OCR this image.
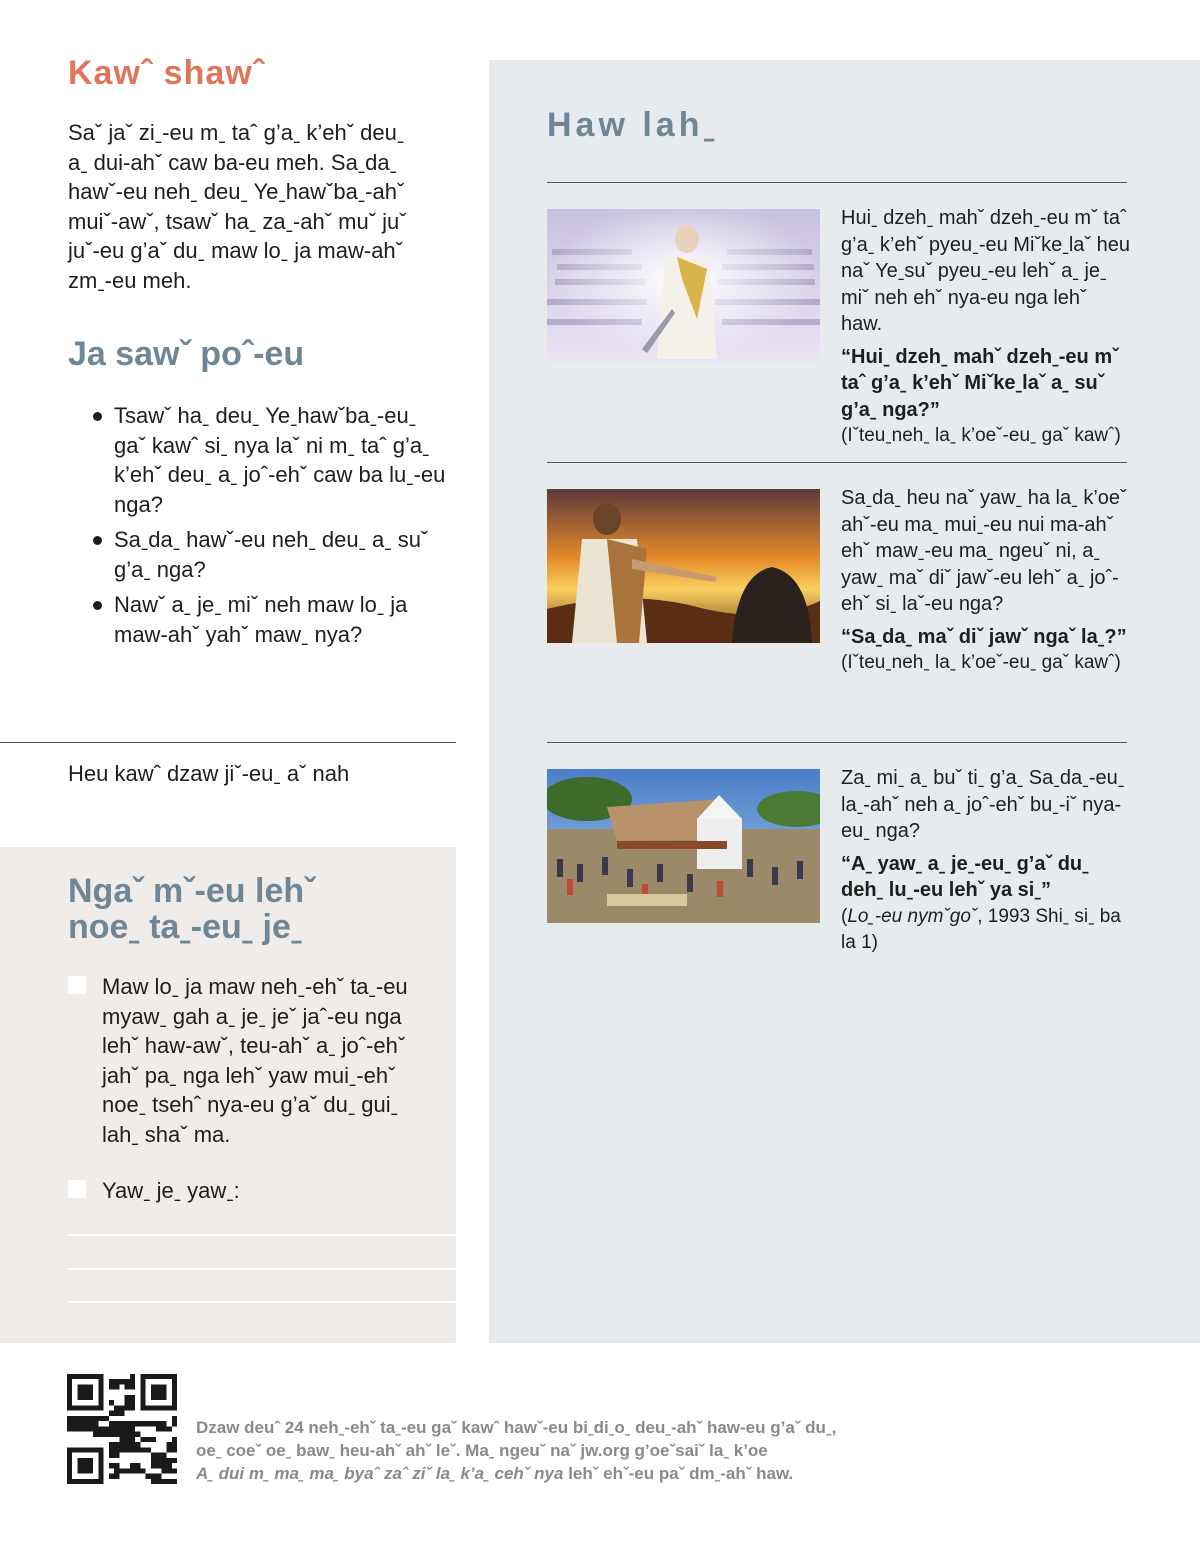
Kawˆ shawˆ

Saˇ jaˇ ziˍ-eu mˍ taˆ g’aˍ k’ehˇ deuˍ aˍ dui-ahˇ caw ba-eu meh. Saˍdaˍ hawˇ-eu nehˍ deuˍ Yeˍhawˇbaˍ-ahˇ muiˇ-awˇ, tsawˇ haˍ zaˍ-ahˇ muˇ juˇ juˇ-eu g’aˇ duˍ maw loˍ ja maw-ahˇ zmˍ-eu meh.

Ja sawˇ poˆ-eu
Tsawˇ haˍ deuˍ Yeˍhawˇbaˍ-euˍ gaˇ kawˆ siˍ nya laˇ ni mˍ taˆ g’aˍ k’ehˇ deuˍ aˍ joˆ-ehˇ caw ba luˍ-eu nga?
Saˍdaˍ hawˇ-eu nehˍ deuˍ aˍ suˇ g’aˍ nga?
Nawˇ aˍ jeˍ miˇ neh maw loˍ ja maw-ahˇ yahˇ mawˍ nya?
Heu kawˆ dzaw jiˇ-euˍ aˇ nah
Ngaˇ mˇ-eu lehˇ
noeˍ taˍ-euˍ jeˍ
Maw loˍ ja maw nehˍ-ehˇ taˍ-eu myawˍ gah aˍ jeˍ jeˇ jaˆ-eu nga lehˇ haw-awˇ, teu-ahˇ aˍ joˆ-ehˇ jahˇ paˍ nga lehˇ yaw muiˍ-ehˇ noeˍ tsehˆ nya-eu g’aˇ duˍ guiˍ lahˍ shaˇ ma.
Yawˍ jeˍ yawˍ:
Haw lahˍ

Huiˍ dzehˍ mahˇ dzehˍ-eu mˇ taˆ g’aˍ k’ehˇ pyeuˍ-eu Miˇkeˍlaˇ heu naˇ Yeˍsuˇ pyeuˍ-eu lehˇ aˍ jeˍ miˇ neh ehˇ nya-eu nga lehˇ haw.

“Huiˍ dzehˍ mahˇ dzehˍ-eu mˇ taˆ g’aˍ k’ehˇ Miˇkeˍlaˇ aˍ suˇ g’aˍ nga?”

(Iˇteuˍnehˍ laˍ k’oeˇ-euˍ gaˇ kawˆ)

Saˍdaˍ heu naˇ yawˍ ha laˍ k’oeˇ ahˇ-eu maˍ muiˍ-eu nui ma-ahˇ ehˇ mawˍ-eu maˍ ngeuˇ ni, aˍ yawˍ maˇ diˇ jawˇ-eu lehˇ aˍ joˆ-ehˇ siˍ laˇ-eu nga?

“Saˍdaˍ maˇ diˇ jawˇ ngaˇ laˍ?”

(Iˇteuˍnehˍ laˍ k’oeˇ-euˍ gaˇ kawˆ)

Zaˍ miˍ aˍ buˇ tiˍ g’aˍ Saˍdaˍ-euˍ laˍ-ahˇ neh aˍ joˆ-ehˇ buˍ-iˇ nya-euˍ nga?

“Aˍ yawˍ aˍ jeˍ-euˍ g’aˇ duˍ dehˍ luˍ-eu lehˇ ya siˍ”

(Loˍ-eu nymˇgoˇ, 1993 Shiˍ siˍ ba la 1)

Dzaw deuˆ 24 nehˍ-ehˇ taˍ-eu gaˇ kawˆ hawˇ-eu biˍdiˍoˍ deuˍ-ahˇ haw-eu g’aˇ duˍ,

oeˍ coeˇ oeˍ bawˍ heu-ahˇ ahˇ leˇ. Maˍ ngeuˇ naˇ jw.org g’oeˇsaiˇ laˍ k’oe

Aˍ dui mˍ maˍ maˍ byaˆ zaˆ ziˇ laˍ k’aˍ cehˇ nya lehˇ ehˇ-eu paˇ dmˍ-ahˇ haw.
